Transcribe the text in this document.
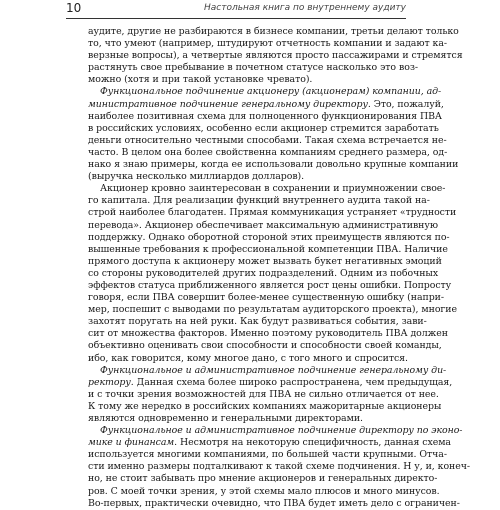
10	Настольная книга по внутреннему аудиту
аудите, другие не разбираются в бизнесе компании, третьи делают только
то, что умеют (например, штудируют отчетность компании и задают ка-
верзные вопросы), а четвертые являются просто пассажирами и стремятся
растянуть свое пребывание в почетном статусе насколько это воз-
можно (хотя и при такой установке чревато).
Функциональное подчинение акционеру (акционерам) компании, ад-
министративное подчинение генеральному директору. Это, пожалуй,
наиболее позитивная схема для полноценного функционирования ПВА
в российских условиях, особенно если акционер стремится заработать
деньги относительно честными способами. Такая схема встречается не-
часто. В целом она более свойственна компаниям среднего размера, од-
нако я знаю примеры, когда ее использовали довольно крупные компании
(выручка несколько миллиардов долларов).
Акционер кровно заинтересован в сохранении и приумножении свое-
го капитала. Для реализации функций внутреннего аудита такой на-
строй наиболее благодатен. Прямая коммуникация устраняет «трудности
перевода». Акционер обеспечивает максимальную административную
поддержку. Однако оборотной стороной этих преимуществ являются по-
вышенные требования к профессиональной компетенции ПВА. Наличие
прямого доступа к акционеру может вызвать букет негативных эмоций
со стороны руководителей других подразделений. Одним из побочных
эффектов статуса приближенного является рост цены ошибки. Попросту
говоря, если ПВА совершит более-менее существенную ошибку (напри-
мер, поспешит с выводами по результатам аудиторского проекта), многие
захотят поругать на ней руки. Как будут развиваться события, зави-
сит от множества факторов. Именно поэтому руководитель ПВА должен
объективно оценивать свои способности и способности своей команды,
ибо, как говорится, кому многое дано, с того много и спросится.
Функциональное и административное подчинение генеральному ди-
ректору. Данная схема более широко распространена, чем предыдущая,
и с точки зрения возможностей для ПВА не сильно отличается от нее.
К тому же нередко в российских компаниях мажоритарные акционеры
являются одновременно и генеральными директорами.
Функциональное и административное подчинение директору по эконо-
мике и финансам. Несмотря на некоторую специфичность, данная схема
используется многими компаниями, по большей части крупными. Отча-
сти именно размеры подталкивают к такой схеме подчинения. Н у, и, конеч-
но, не стоит забывать про мнение акционеров и генеральных директо-
ров. С моей точки зрения, у этой схемы мало плюсов и много минусов.
Во-первых, практически очевидно, что ПВА будет иметь дело с ограничен-
